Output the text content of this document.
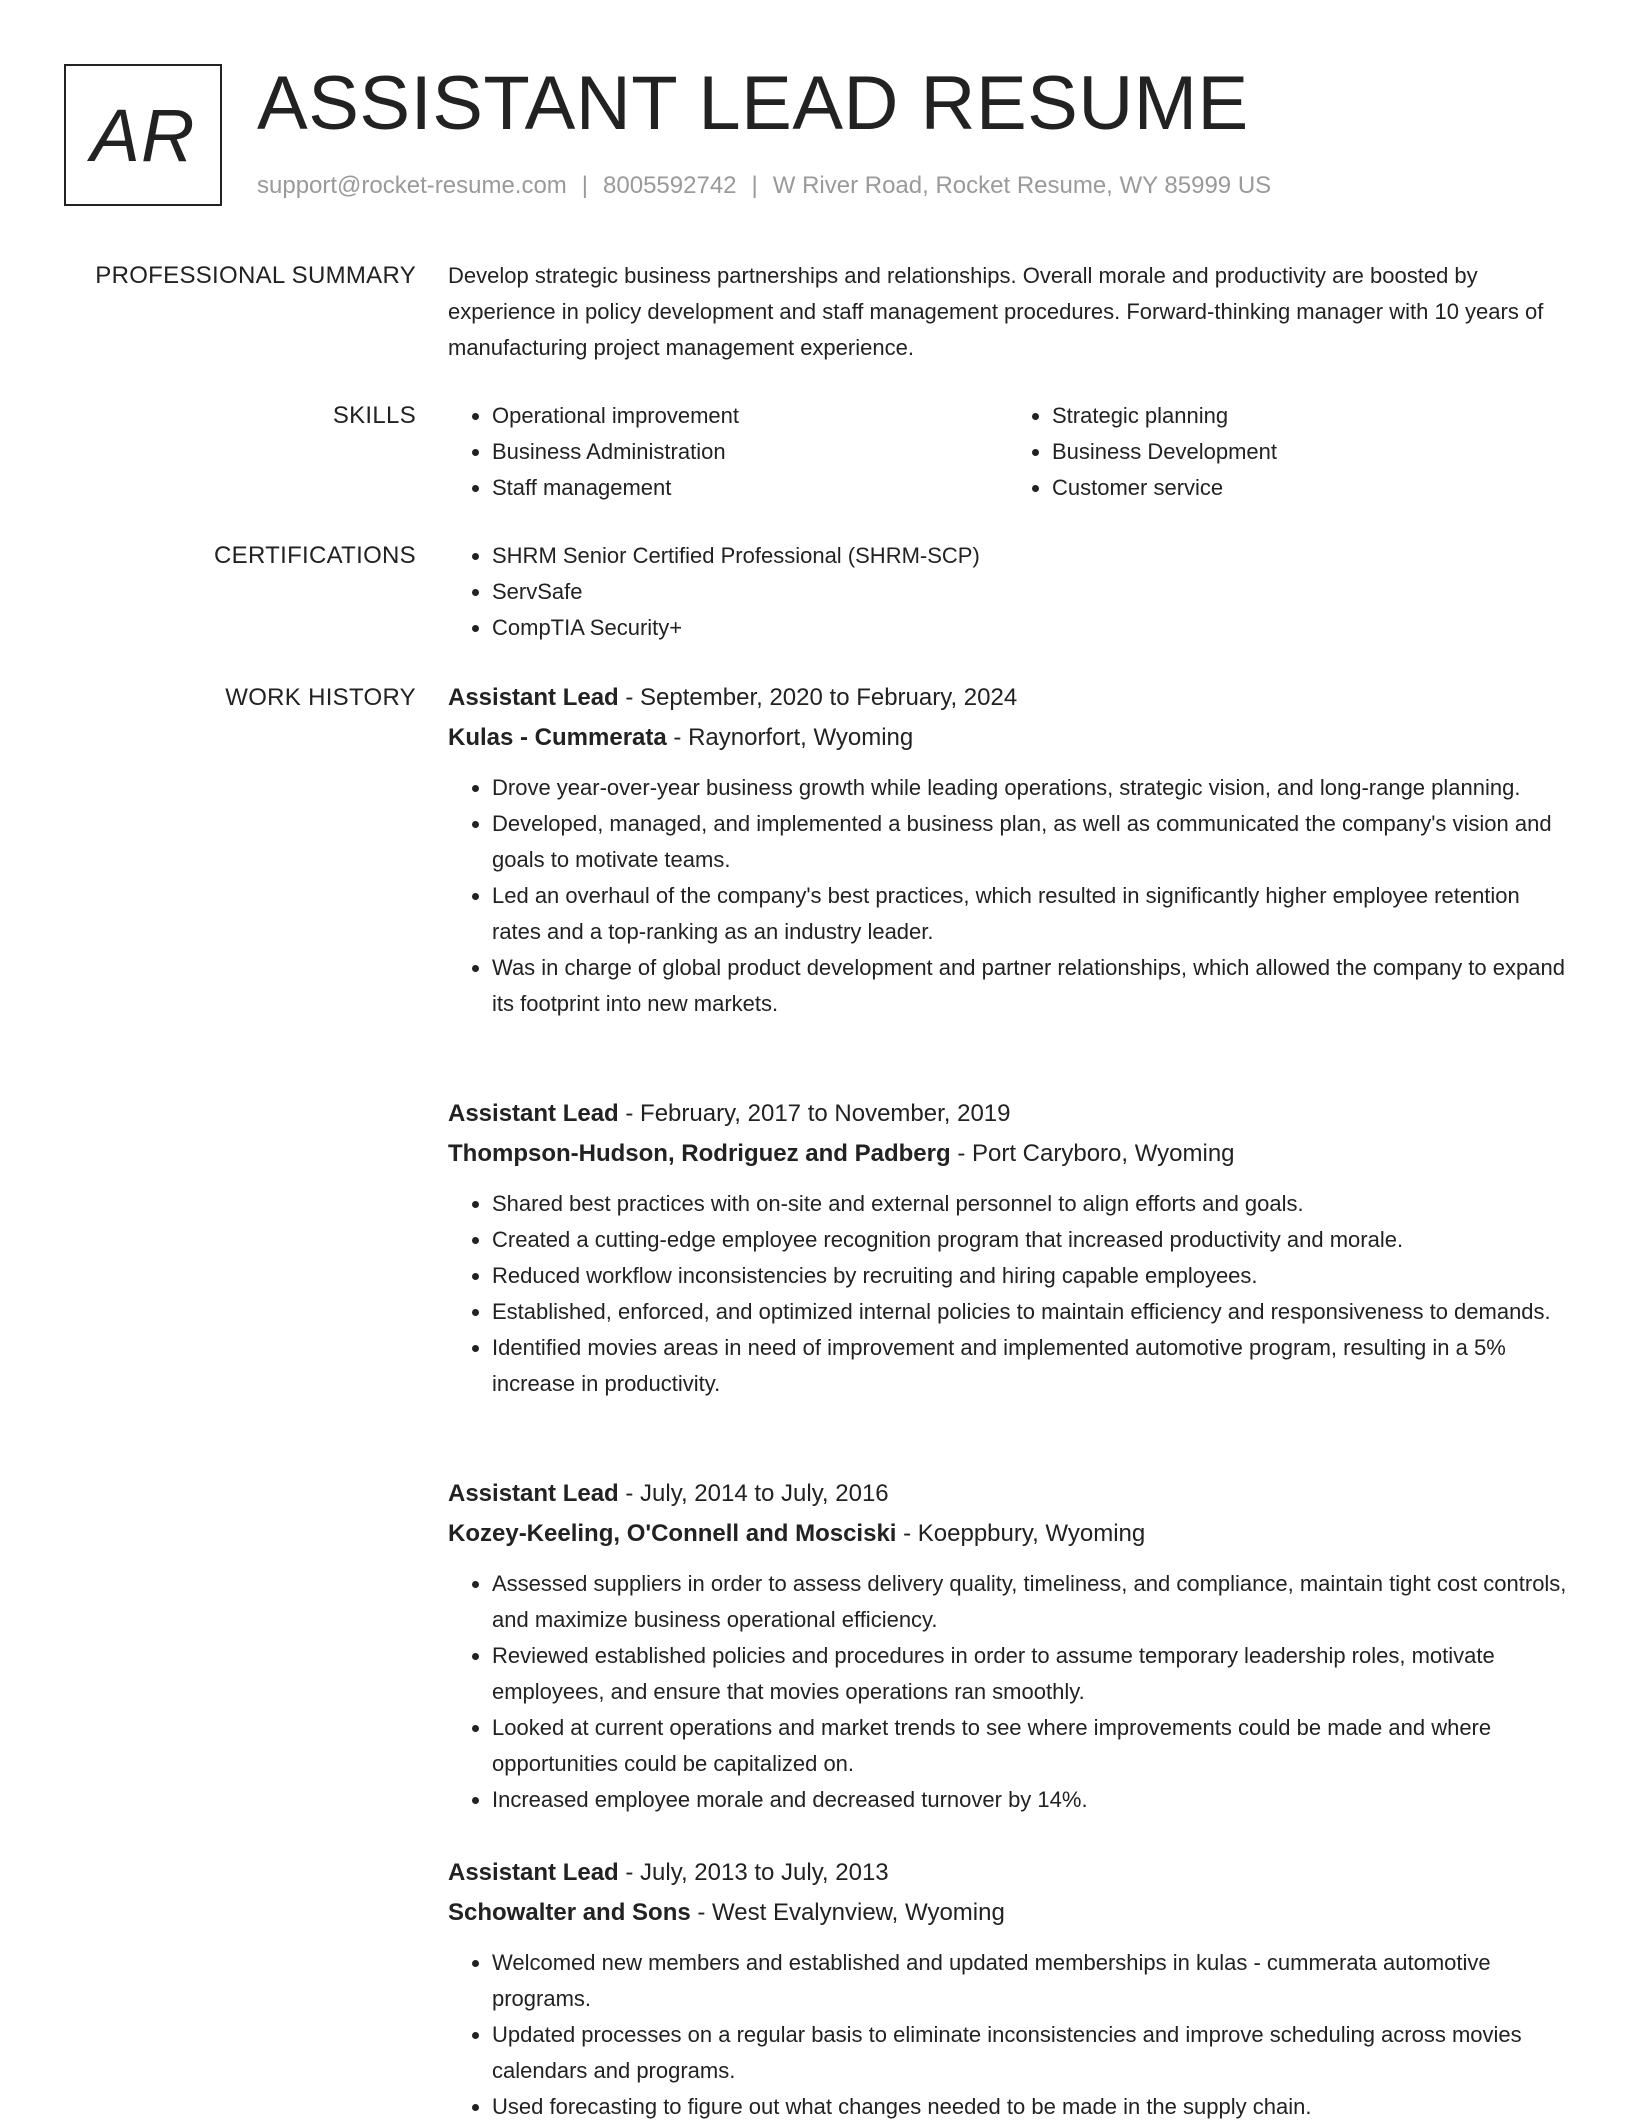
AR ASSISTANT LEAD RESUME
support@rocket-resume.com | 8005592742 | W River Road, Rocket Resume, WY 85999 US
PROFESSIONAL SUMMARY Develop strategic business partnerships and relationships. Overall morale and productivity are boosted by experience in policy development and staff management procedures. Forward-thinking manager with 10 years of manufacturing project management experience.

SKILLS	• Operational improvement
• Business Administration
• Staff management
• Strategic planning
• Business Development
• Customer service
CERTIFICATIONS	• SHRM Senior Certified Professional (SHRM-SCP)
• ServSafe
• CompTIA Security+
WORK HISTORY Assistant Lead - September, 2020 to February, 2024
Kulas - Cummerata - Raynorfort, Wyoming
• Drove year-over-year business growth while leading operations, strategic vision, and long-range planning.
• Developed, managed, and implemented a business plan, as well as communicated the company's vision and goals to motivate teams.
• Led an overhaul of the company's best practices, which resulted in significantly higher employee retention rates and a top-ranking as an industry leader.
• Was in charge of global product development and partner relationships, which allowed the company to expand its footprint into new markets.
Assistant Lead - February, 2017 to November, 2019
Thompson-Hudson, Rodriguez and Padberg - Port Caryboro, Wyoming
• Shared best practices with on-site and external personnel to align efforts and goals.
• Created a cutting-edge employee recognition program that increased productivity and morale.
• Reduced workflow inconsistencies by recruiting and hiring capable employees.
• Established, enforced, and optimized internal policies to maintain efficiency and responsiveness to demands.
• Identified movies areas in need of improvement and implemented automotive program, resulting in a 5% increase in productivity.
Assistant Lead - July, 2014 to July, 2016
Kozey-Keeling, O'Connell and Mosciski - Koeppbury, Wyoming
• Assessed suppliers in order to assess delivery quality, timeliness, and compliance, maintain tight cost controls, and maximize business operational efficiency.
• Reviewed established policies and procedures in order to assume temporary leadership roles, motivate employees, and ensure that movies operations ran smoothly.
• Looked at current operations and market trends to see where improvements could be made and where opportunities could be capitalized on.
• Increased employee morale and decreased turnover by 14%.
Assistant Lead - July, 2013 to July, 2013
Schowalter and Sons - West Evalynview, Wyoming
• Welcomed new members and established and updated memberships in kulas - cummerata automotive programs.
• Updated processes on a regular basis to eliminate inconsistencies and improve scheduling across movies calendars and programs.
• Used forecasting to figure out what changes needed to be made in the supply chain.
